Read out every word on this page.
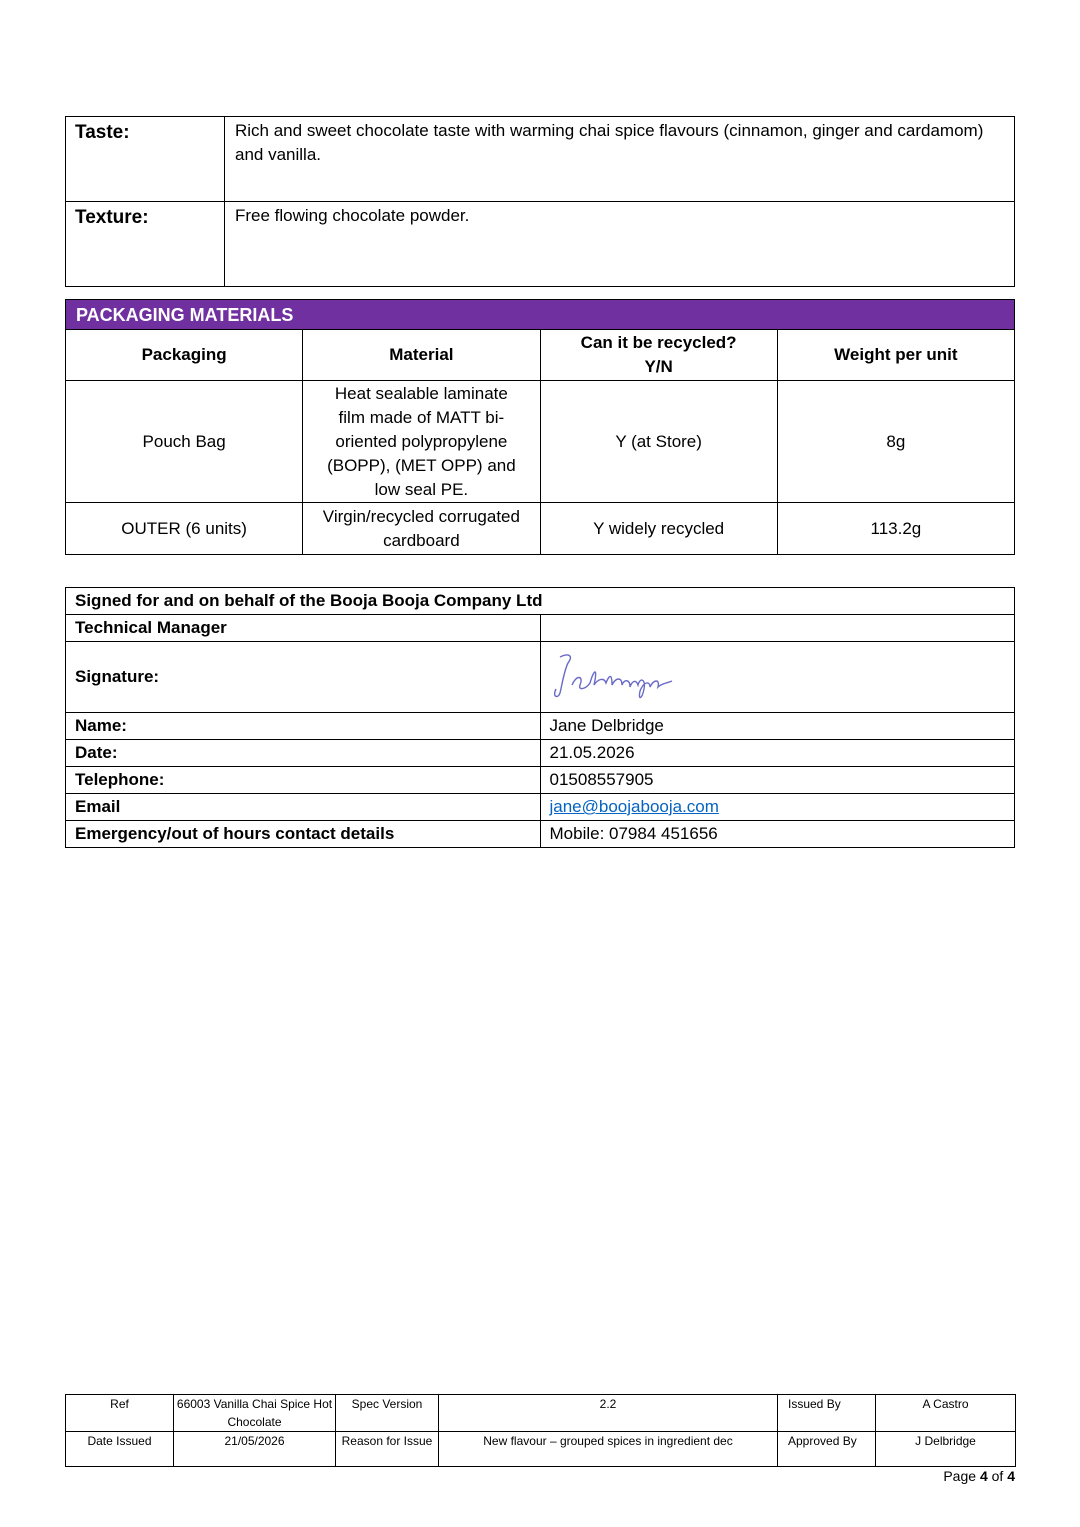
Taste:	Rich and sweet chocolate taste with warming chai spice flavours (cinnamon, ginger and cardamom) and vanilla.
Texture:	Free flowing chocolate powder.
PACKAGING MATERIALS			
Packaging	Material	Can it be recycled? Y/N	Weight per unit
Pouch Bag	Heat sealable laminate film made of MATT bi-oriented polypropylene (BOPP), (MET OPP) and low seal PE.	Y (at Store)	8g
OUTER (6 units)	Virgin/recycled corrugated cardboard	Y widely recycled	113.2g
Signed for and on behalf of the Booja Booja Company Ltd	
Technical Manager	
Signature:	

Name:	Jane Delbridge
Date:	21.05.2026
Telephone:	01508557905
Email	jane@boojabooja.com
Emergency/out of hours contact details	Mobile: 07984 451656
Ref	66003 Vanilla Chai Spice Hot Chocolate	Spec Version	2.2	Issued By	A Castro
Date Issued	21/05/2026	Reason for Issue	New flavour – grouped spices in ingredient dec	Approved By	J Delbridge
Page 4 of 4
